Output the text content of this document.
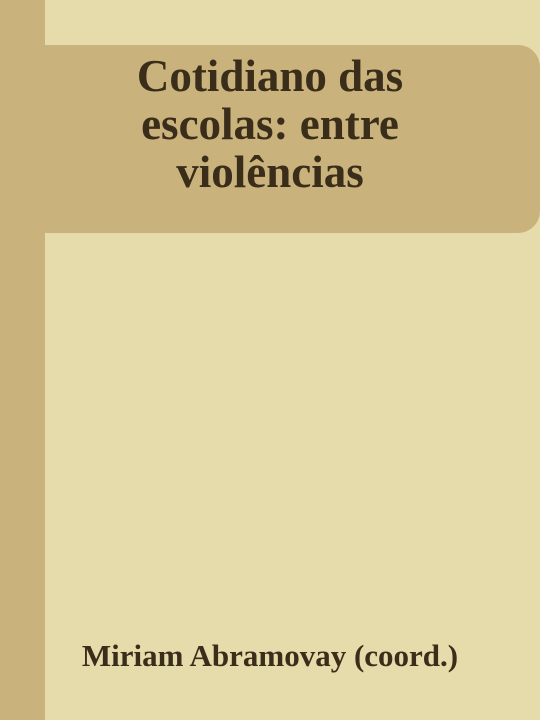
Cotidiano das
escolas: entre
violências
Miriam Abramovay (coord.)
